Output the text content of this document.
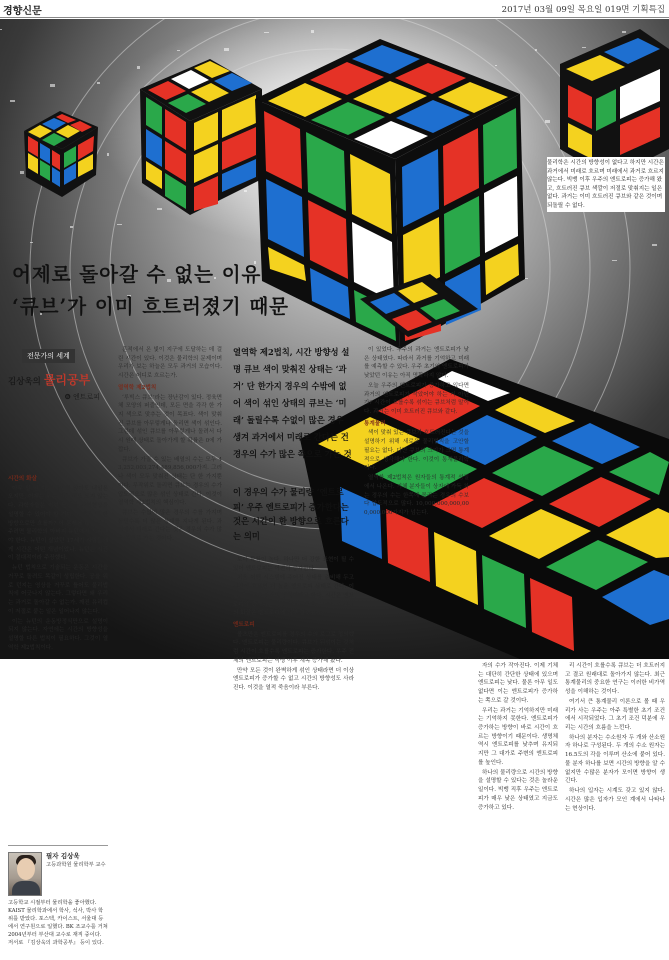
경향신문	2017년 03월 09일 목요일 019면 기획특집
물리학은 시간의 방향성이 없다고 하지만 시간은 과거에서 미래로 흐르며 미래에서 과거로 흐르지 않는다. 빅뱅 이후 우주의 엔트로피는 증가해 왔고, 흐트러진 큐브 색깔이 저절로 맞춰지는 일은 없다. 과거는 이미 흐트러진 큐브와 같은 것이며 되돌릴 수 없다.
어제로 돌아갈 수 없는 이유
‘큐브’가 이미 흐트러졌기 때문
전문가의 세계
김상욱의 물리공부
❻ 엔트로피

시간의 화살

아무 일 안 하고 가만히 앉아도 내일은 오지만, 어제는 무슨 짓을 해도 오지 않는다. 과학자들은 이런 당연한 자연현상을 설명할 수 있어야 할 거다. 시간은 왜 한 방향으로만 흐를까? 이 문제에 대한 답을 주려면 물리학의 아버지 뉴턴에서 시작해야 한다. 뉴턴이 살았던 17세기 사람들에게 시간은 어떤 개념이었나. 뉴턴은 시간이 절대적이라 주장했다.

뉴턴 법칙으로 기술되는 운동은 시간을 거꾸로 돌려도 똑같이 성립한다. 공을 위로 던지는 영상을 거꾸로 틀어도 물리법칙에 어긋나지 않는다. 그렇다면 왜 우리는 과거로 돌아갈 수 없는가. 깨진 유리컵이 저절로 붙는 일은 일어나지 않는다.

이는 뉴턴의 운동방정식만으로 설명이 되지 않는다. 자연에는 시간의 방향성을 설명할 다른 법칙이 필요하다. 그것이 열역학 제2법칙이다.

흔적에서 온 빛이 지구에 도달하는 데 걸린 시간이 있다. 이것은 물리학의 문제이며 우리가 보는 하늘은 모두 과거의 모습이다. 시간은 어디로 흐르는가.

열역학 제2법칙

‘루빅스 큐브’라는 장난감이 있다. 정육면체 모양의 퍼즐인데, 모든 면을 각각 한 가지 색으로 맞추는 것이 목표다. 색이 맞춰진 큐브를 아무렇게나 돌리면 색이 섞인다. 그런데 섞인 큐브를 아무렇게나 돌려서 다시 원래 상태로 돌아가게 할 확률은 0에 가깝다.

큐브가 가질 수 있는 배열의 수는 모두 43,252,003,274,489,856,000가지. 그러나 색이 모두 맞춰진 상태는 단 한 가지뿐이다. 무작위로 돌리면 큐브는 경우의 수가 압도적으로 많은 섞인 상태로 간다. 이것이 열역학 제2법칙의 핵심이다.

큐브는 수없이 많은 경우의 수를 가지며 돌릴수록 더 많은 상태를 지나게 된다. 과거에서 미래로 간다는 것은 경우의 수가 많은 쪽으로 가는 것이다.

열역학 제2법칙, 시간 방향성 설명 큐브 색이 맞춰진 상태는 ‘과거’ 단 한가지 경우의 수밖에 없어 색이 섞인 상태의 큐브는 ‘미래’ 돌릴수록 수없이 많은 경우 생겨 과거에서 미래로 간다는 건 경우의 수가 많은 쪽으로 가는 것
이 경우의 수가 물리량 ‘엔트로피’ 우주 엔트로피가 증가한다는 것은 시간이 한 방향으로 흐른다는 의미

보다 확률이 높다. 하나만 더 강한 표현이 될 수 있어 엔트로피는 여전히 증가한다.

처음 어떤 시스템에 주어진 상태를 준비해 두고 시간이 흐르면 더 높은 엔트로피 상태로 간다. 이를 엔트로피 증가의 법칙이라고 한다. 시간은 엔트로피가 증가하는 방향으로 흐른다. 그러므로 시간의 화살은 엔트로피에 의해 결정된다.

엔트로피

볼츠만은 엔트로피를 경우의 수의 로그로 정의했다. 엔트로피는 물리량이다. 큐브가 뒤섞이는 것처럼 시간이 흐를수록 엔트로피는 증가한다. 우주 전체의 엔트로피는 빅뱅 이후 계속 증가해 왔다.

만약 모든 것이 완벽하게 섞인 상태라면 더 이상 엔트로피가 증가할 수 없고 시간의 방향성도 사라진다. 이것을 열적 죽음이라 부른다.

이 있었다. 우주의 과거는 엔트로피가 낮은 상태였다. 따라서 과거를 기억하고 미래를 예측할 수 있다. 우주 초기의 엔트로피가 낮았던 이유는 아직 명확하지 않다.

오늘 우주의 엔트로피가 증가하고 있다면 과거의 엔트로피가 작았어야 하는 거 아닌가? 시간이 흐를수록 섞이는 큐브처럼 말이다. 과거는 이미 흐트러진 큐브와 같다.

통계물리

색이 맞춰 있는 큐브가 흐트러진다는 것을 설명하기 위해 새로운 물리법칙을 고안할 필요는 없다. 다만 큐브의 크기가 크면 통계적으로 생각해야 한다. 이것이 통계물리학이다.

열역학 제2법칙은 원자들의 통계적 성질에서 나온다. 기체 분자들이 상자에 가득 차는 경우의 수는 한쪽에 몰리는 경우의 수보다 압도적으로 많다. 10,000,000,000,000,000,000가지가 넘는다.

자의 수가 작아진다. 이제 기체는 대단히 간단한 상태에 있으며 엔트로피는 낮다. 물론 아무 일도 없다면 이는 엔트로피가 증가하는 쪽으로 갈 것이다.

우리는 과거는 기억하지만 미래는 기억하지 못한다. 엔트로피가 증가하는 방향이 바로 시간이 흐르는 방향이기 때문이다. 생명체 역시 엔트로피를 낮추며 유지되지만 그 대가로 주변의 엔트로피를 높인다.

하나의 물리량으로 시간의 방향을 설명할 수 있다는 것은 놀라운 일이다. 빅뱅 직후 우주는 엔트로피가 매우 낮은 상태였고 지금도 증가하고 있다.

리 시간이 흐를수록 큐브는 더 흐트러지고 결코 원래대로 돌아가지 않는다. 최근 통계물리의 중요한 연구는 이러한 비가역성을 이해하는 것이다.

여기서 큰 통계물리 이론으로 볼 때 우리가 사는 우주는 아주 특별한 초기 조건에서 시작되었다. 그 초기 조건 덕분에 우리는 시간의 흐름을 느낀다.

하나의 분자는 수소원자 두 개와 산소원자 하나로 구성된다. 두 개의 수소 원자는 16.5도의 각을 이루며 산소에 붙어 있다. 물 분자 하나를 보면 시간의 방향을 알 수 없지만 수많은 분자가 모이면 방향이 생긴다.

하나의 입자는 시계도 갖고 있지 않다. 시간은 많은 입자가 모인 계에서 나타나는 현상이다.

필자 김상욱
고등과학원 물리학부 교수
고등학교 시절부터 물리학을 좋아했다. KAIST 물리학과에서 학사, 석사, 박사 학위를 받았다. 포스텍, 카이스트, 서울대 등에서 연구원으로 일했다. BK 조교수를 거쳐 2004년부터 부산대 교수로 재직 중이다. 저서로 『김상욱의 과학공부』 등이 있다.
